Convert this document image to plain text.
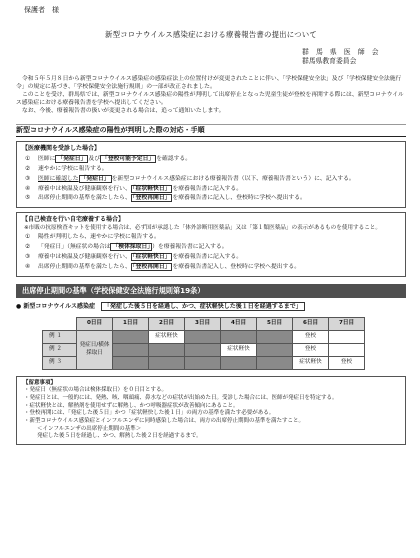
保護者　様
新型コロナウイルス感染症における療養報告書の提出について
群 馬 県 医 師 会
群馬県教育委員会

令和５年５月８日から新型コロナウイルス感染症の感染症法上の位置付けが変更されたことに伴い、「学校保健安全法」及び「学校保健安全法施行令」の規定に基づき、「学校保健安全法施行規則」の一部が改正されました。

このことを受け、群馬県では、新型コロナウイルス感染症の陽性が判明して出席停止となった児童生徒が登校を再開する際には、新型コロナウイルス感染症における療養報告書を学校へ提出してください。

なお、今後、療養報告書の扱いが変更される場合は、追って通知いたします。

新型コロナウイルス感染症の陽性が判明した際の対応・手順
【医療機関を受診した場合】
①	医師に 「発症日」 及び 「登校可能予定日」 を確認する。
②	速やかに学校に報告する。
③	医師に確認した 「発症日」 を新型コロナウイルス感染症における療養報告書（以下、療養報告書という）に、記入する。
④	療養中は検温及び健康観察を行い、 「症状軽快日」 を療養報告書に記入する。
⑤	出席停止期間の基準を満たしたら、 「登校再開日」 を療養報告書に記入し、登校時に学校へ提出する。
【自己検査を行い自宅療養する場合】
※市販の抗原検査キットを使用する場合は、必ず国が承認した「体外診断用医薬品」又は「第１類医薬品」の表示があるものを使用すること。
①	陽性が判明したら、速やかに学校に報告する。
②	「発症日」（無症状の場合は 「検体採取日」 ）を療養報告書に記入する。
③	療養中は検温及び健康観察を行い、 「症状軽快日」 を療養報告書に記入する。
④	出席停止期間の基準を満たしたら、 「登校再開日」 を療養報告書記入し、登校時に学校へ提出する。
出席停止期間の基準（学校保健安全法施行規則第19条）
● 新型コロナウイルス感染症 「発症した後５日を経過し、かつ、症状軽快した後１日を経過するまで」
	0日目	1日目	2日目	3日目	4日目	5日目	6日目	7日目
例 １	発症日/横体採取日		症状軽快				登校	
例 ２					症状軽快		登校	
例 ３							症状軽快	登校
【留意事項】
・発症日（無症状の場合は検体採取日）を０日目とする。
・発症日とは、一般的には、発熱、咳、咽頭痛、鼻水などの症状が出始めた日。受診した場合には、医師が発症日を特定する。
・症状軽快とは、解熱剤を使用せずに解熱し、かつ呼吸器症状が改善傾向にあること。
・登校再開には、「発症した後５日」かつ「症状軽快した後１日」の両方の基準を満たす必要がある。
・新型コロナウイルス感染症とインフルエンザに同時感染した場合は、両方の出席停止期間の基準を満たすこと。
＜インフルエンザの出席停止期間の基準＞
発症した後５日を経過し、かつ、解熱した後２日を経過するまで。
